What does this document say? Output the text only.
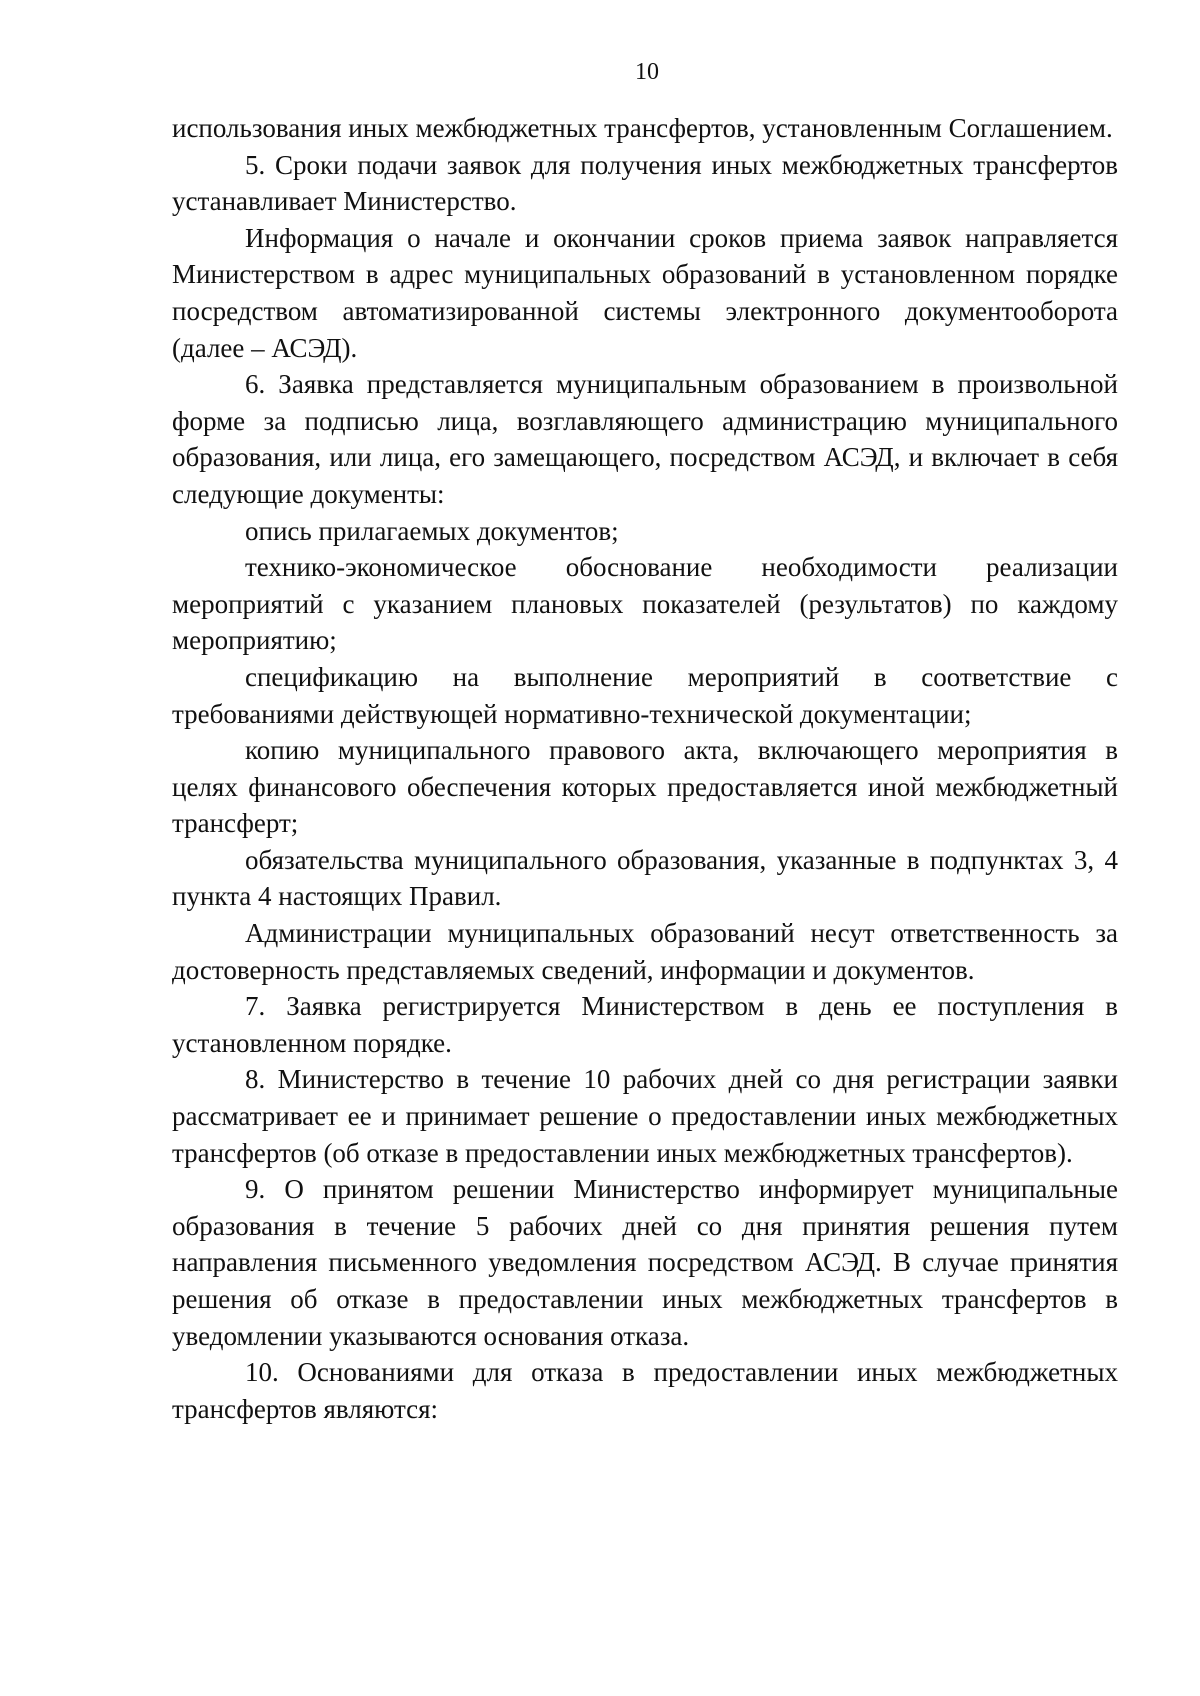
10

использования иных межбюджетных трансфертов, установленным Соглашением.

5. Сроки подачи заявок для получения иных межбюджетных трансфертов устанавливает Министерство.

Информация о начале и окончании сроков приема заявок направляется Министерством в адрес муниципальных образований в установленном порядке посредством автоматизированной системы электронного документооборота (далее – АСЭД).

6. Заявка представляется муниципальным образованием в произвольной форме за подписью лица, возглавляющего администрацию муниципального образования, или лица, его замещающего, посредством АСЭД, и включает в себя следующие документы:

опись прилагаемых документов;

технико-экономическое обоснование необходимости реализации мероприятий с указанием плановых показателей (результатов) по каждому мероприятию;

спецификацию на выполнение мероприятий в соответствие с требованиями действующей нормативно-технической документации;

копию муниципального правового акта, включающего мероприятия в целях финансового обеспечения которых предоставляется иной межбюджетный трансферт;

обязательства муниципального образования, указанные в подпунктах 3, 4 пункта 4 настоящих Правил.

Администрации муниципальных образований несут ответственность за достоверность представляемых сведений, информации и документов.

7. Заявка регистрируется Министерством в день ее поступления в установленном порядке.

8. Министерство в течение 10 рабочих дней со дня регистрации заявки рассматривает ее и принимает решение о предоставлении иных межбюджетных трансфертов (об отказе в предоставлении иных межбюджетных трансфертов).

9. О принятом решении Министерство информирует муниципальные образования в течение 5 рабочих дней со дня принятия решения путем направления письменного уведомления посредством АСЭД. В случае принятия решения об отказе в предоставлении иных межбюджетных трансфертов в уведомлении указываются основания отказа.

10. Основаниями для отказа в предоставлении иных межбюджетных трансфертов являются:
